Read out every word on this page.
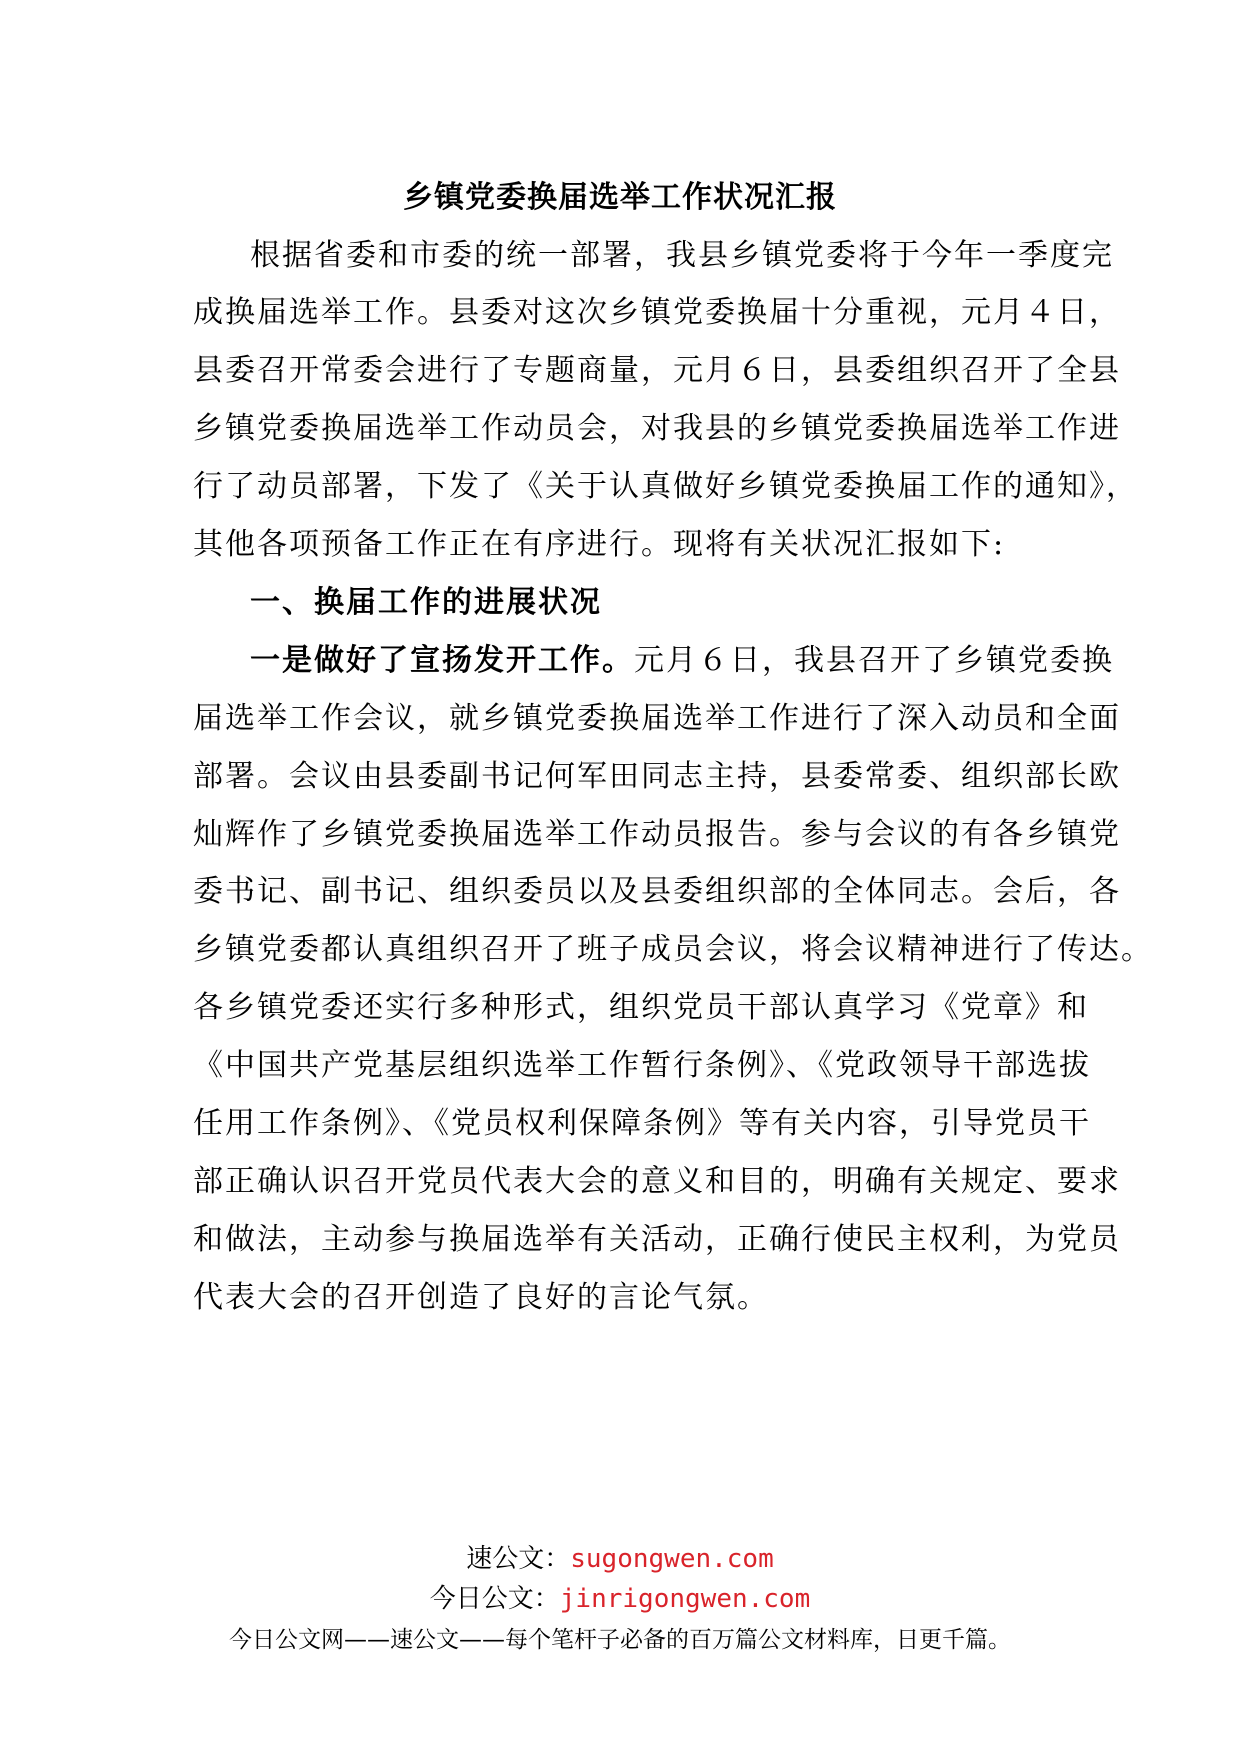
乡镇党委换届选举工作状况汇报
根据省委和市委的统一部署，我县乡镇党委将于今年一季度完
成换届选举工作。县委对这次乡镇党委换届十分重视，元月４日，
县委召开常委会进行了专题商量，元月６日，县委组织召开了全县
乡镇党委换届选举工作动员会，对我县的乡镇党委换届选举工作进
行了动员部署，下发了《关于认真做好乡镇党委换届工作的通知》，
其他各项预备工作正在有序进行。现将有关状况汇报如下:
一、换届工作的进展状况
一是做好了宣扬发开工作。元月６日，我县召开了乡镇党委换
届选举工作会议，就乡镇党委换届选举工作进行了深入动员和全面
部署。会议由县委副书记何军田同志主持，县委常委、组织部长欧
灿辉作了乡镇党委换届选举工作动员报告。参与会议的有各乡镇党
委书记、副书记、组织委员以及县委组织部的全体同志。会后，各
乡镇党委都认真组织召开了班子成员会议，将会议精神进行了传达。
各乡镇党委还实行多种形式，组织党员干部认真学习《党章》和
《中国共产党基层组织选举工作暂行条例》、《党政领导干部选拔
任用工作条例》、《党员权利保障条例》等有关内容，引导党员干
部正确认识召开党员代表大会的意义和目的，明确有关规定、要求
和做法，主动参与换届选举有关活动，正确行使民主权利，为党员
代表大会的召开创造了良好的言论气氛。
速公文：sugongwen.com
今日公文：jinrigongwen.com
今日公文网——速公文——每个笔杆子必备的百万篇公文材料库，日更千篇。
